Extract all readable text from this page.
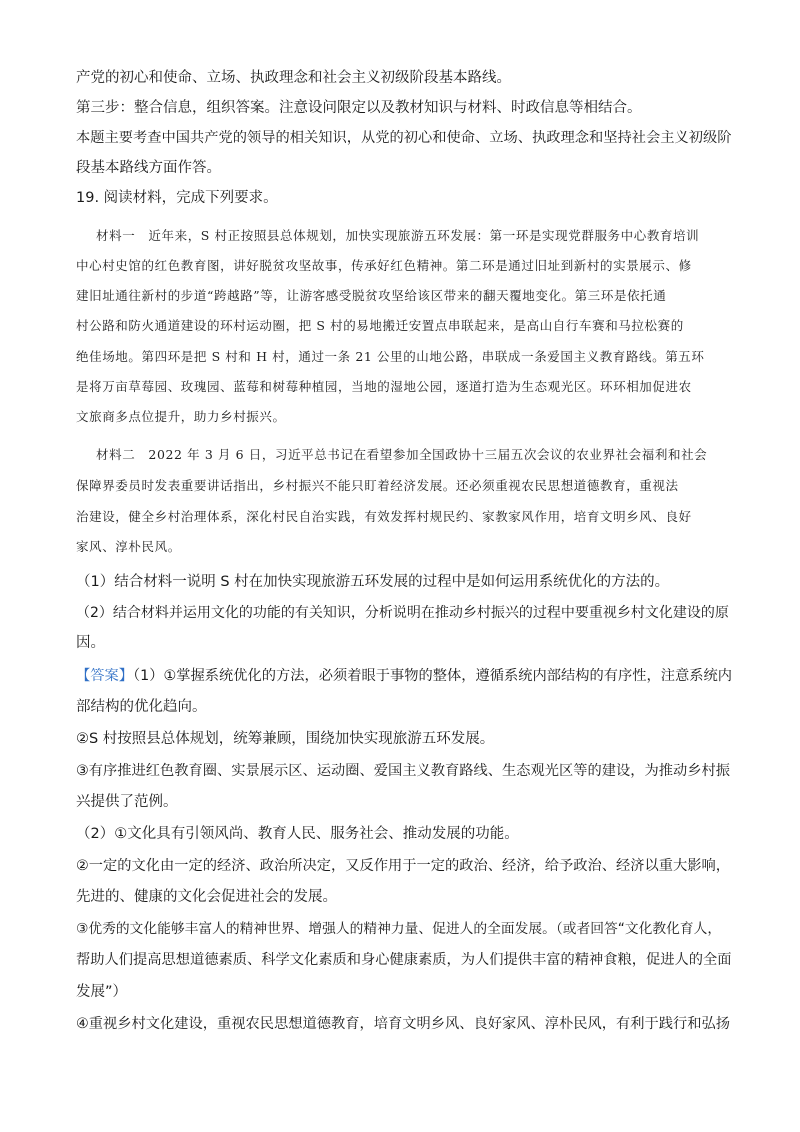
产党的初心和使命、立场、执政理念和社会主义初级阶段基本路线。
第三步：整合信息，组织答案。注意设问限定以及教材知识与材料、时政信息等相结合。
本题主要考查中国共产党的领导的相关知识，从党的初心和使命、立场、执政理念和坚持社会主义初级阶
段基本路线方面作答。
19. 阅读材料，完成下列要求。
材料一　近年来，S 村正按照县总体规划，加快实现旅游五环发展：第一环是实现党群服务中心教育培训
中心村史馆的红色教育图，讲好脱贫攻坚故事，传承好红色精神。第二环是通过旧址到新村的实景展示、修
建旧址通往新村的步道“跨越路”等，让游客感受脱贫攻坚给该区带来的翻天覆地变化。第三环是依托通
村公路和防火通道建设的环村运动圈，把 S 村的易地搬迁安置点串联起来，是高山自行车赛和马拉松赛的
绝佳场地。第四环是把 S 村和 H 村，通过一条 21 公里的山地公路，串联成一条爱国主义教育路线。第五环
是将万亩草莓园、玫瑰园、蓝莓和树莓种植园，当地的湿地公园，逐道打造为生态观光区。环环相加促进农
文旅商多点位提升，助力乡村振兴。
材料二　2022 年 3 月 6 日，习近平总书记在看望参加全国政协十三届五次会议的农业界社会福利和社会
保障界委员时发表重要讲话指出，乡村振兴不能只盯着经济发展。还必须重视农民思想道德教育，重视法
治建设，健全乡村治理体系，深化村民自治实践，有效发挥村规民约、家教家风作用，培育文明乡风、良好
家风、淳朴民风。
（1）结合材料一说明 S 村在加快实现旅游五环发展的过程中是如何运用系统优化的方法的。
（2）结合材料并运用文化的功能的有关知识，分析说明在推动乡村振兴的过程中要重视乡村文化建设的原
因。
【答案】（1）①掌握系统优化的方法，必须着眼于事物的整体，遵循系统内部结构的有序性，注意系统内
部结构的优化趋向。
②S 村按照县总体规划，统筹兼顾，围绕加快实现旅游五环发展。
③有序推进红色教育圈、实景展示区、运动圈、爱国主义教育路线、生态观光区等的建设，为推动乡村振
兴提供了范例。
（2）①文化具有引领风尚、教育人民、服务社会、推动发展的功能。
②一定的文化由一定的经济、政治所决定，又反作用于一定的政治、经济，给予政治、经济以重大影响，
先进的、健康的文化会促进社会的发展。
③优秀的文化能够丰富人的精神世界、增强人的精神力量、促进人的全面发展。（或者回答“文化教化育人，
帮助人们提高思想道德素质、科学文化素质和身心健康素质，为人们提供丰富的精神食粮，促进人的全面
发展”）
④重视乡村文化建设，重视农民思想道德教育，培育文明乡风、良好家风、淳朴民风，有利于践行和弘扬
